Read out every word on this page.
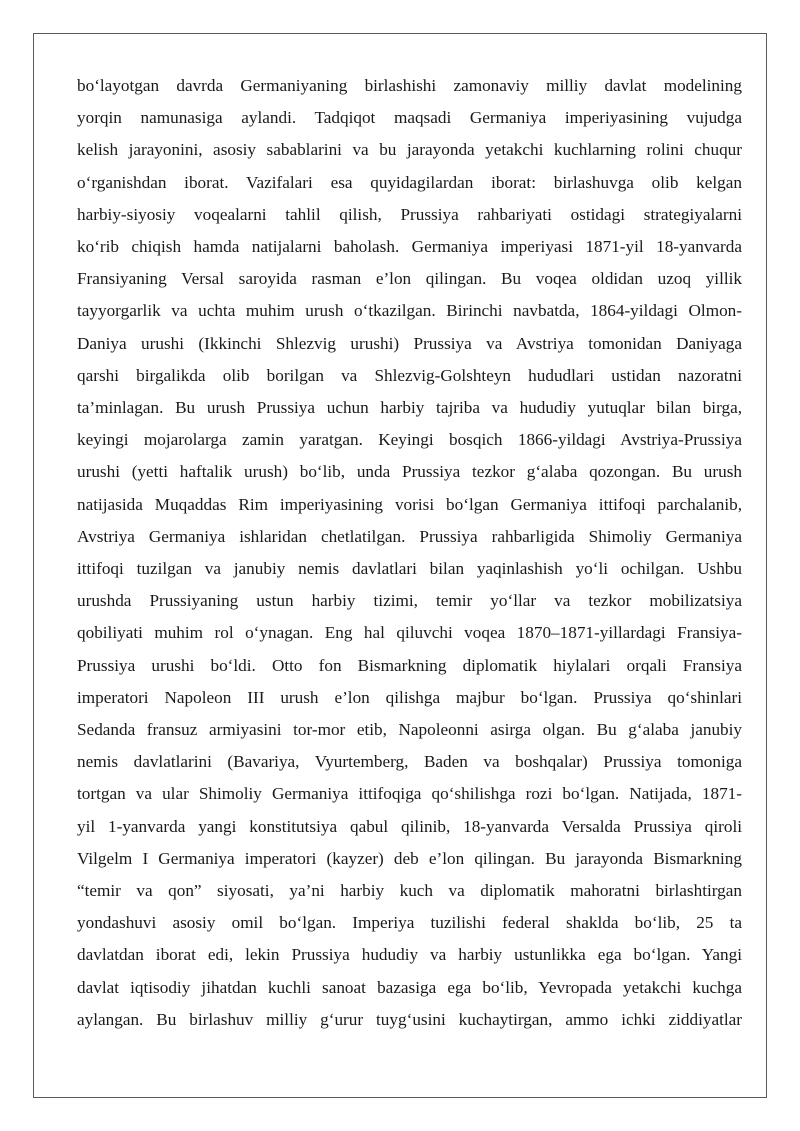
bo‘layotgan davrda Germaniyaning birlashishi zamonaviy milliy davlat modelining
yorqin namunasiga aylandi. Tadqiqot maqsadi Germaniya imperiyasining vujudga
kelish jarayonini, asosiy sabablarini va bu jarayonda yetakchi kuchlarning rolini chuqur
o‘rganishdan iborat. Vazifalari esa quyidagilardan iborat: birlashuvga olib kelgan
harbiy-siyosiy voqealarni tahlil qilish, Prussiya rahbariyati ostidagi strategiyalarni
ko‘rib chiqish hamda natijalarni baholash. Germaniya imperiyasi 1871-yil 18-yanvarda
Fransiyaning Versal saroyida rasman e’lon qilingan. Bu voqea oldidan uzoq yillik
tayyorgarlik va uchta muhim urush o‘tkazilgan. Birinchi navbatda, 1864-yildagi Olmon-
Daniya urushi (Ikkinchi Shlezvig urushi) Prussiya va Avstriya tomonidan Daniyaga
qarshi birgalikda olib borilgan va Shlezvig-Golshteyn hududlari ustidan nazoratni
ta’minlagan. Bu urush Prussiya uchun harbiy tajriba va hududiy yutuqlar bilan birga,
keyingi mojarolarga zamin yaratgan. Keyingi bosqich 1866-yildagi Avstriya-Prussiya
urushi (yetti haftalik urush) bo‘lib, unda Prussiya tezkor g‘alaba qozongan. Bu urush
natijasida Muqaddas Rim imperiyasining vorisi bo‘lgan Germaniya ittifoqi parchalanib,
Avstriya Germaniya ishlaridan chetlatilgan. Prussiya rahbarligida Shimoliy Germaniya
ittifoqi tuzilgan va janubiy nemis davlatlari bilan yaqinlashish yo‘li ochilgan. Ushbu
urushda Prussiyaning ustun harbiy tizimi, temir yo‘llar va tezkor mobilizatsiya
qobiliyati muhim rol o‘ynagan. Eng hal qiluvchi voqea 1870–1871-yillardagi Fransiya-
Prussiya urushi bo‘ldi. Otto fon Bismarkning diplomatik hiylalari orqali Fransiya
imperatori Napoleon III urush e’lon qilishga majbur bo‘lgan. Prussiya qo‘shinlari
Sedanda fransuz armiyasini tor-mor etib, Napoleonni asirga olgan. Bu g‘alaba janubiy
nemis davlatlarini (Bavariya, Vyurtemberg, Baden va boshqalar) Prussiya tomoniga
tortgan va ular Shimoliy Germaniya ittifoqiga qo‘shilishga rozi bo‘lgan. Natijada, 1871-
yil 1-yanvarda yangi konstitutsiya qabul qilinib, 18-yanvarda Versalda Prussiya qiroli
Vilgelm I Germaniya imperatori (kayzer) deb e’lon qilingan. Bu jarayonda Bismarkning
“temir va qon” siyosati, ya’ni harbiy kuch va diplomatik mahoratni birlashtirgan
yondashuvi asosiy omil bo‘lgan. Imperiya tuzilishi federal shaklda bo‘lib, 25 ta
davlatdan iborat edi, lekin Prussiya hududiy va harbiy ustunlikka ega bo‘lgan. Yangi
davlat iqtisodiy jihatdan kuchli sanoat bazasiga ega bo‘lib, Yevropada yetakchi kuchga
aylangan. Bu birlashuv milliy g‘urur tuyg‘usini kuchaytirgan, ammo ichki ziddiyatlar
